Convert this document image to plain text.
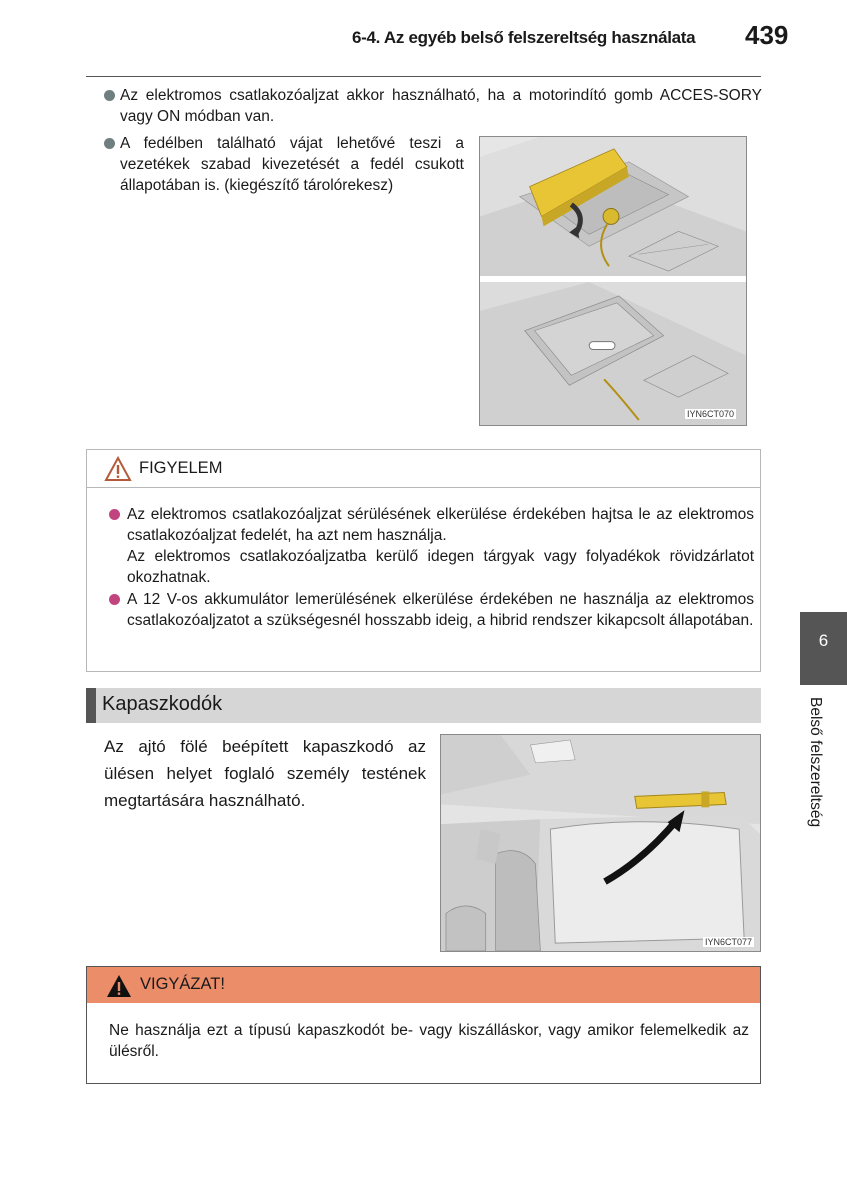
6-4. Az egyéb belső felszereltség használata 439
Az elektromos csatlakozóaljzat akkor használható, ha a motorindító gomb ACCES-SORY vagy ON módban van.
A fedélben található vájat lehetővé teszi a vezetékek szabad kivezetését a fedél csukott állapotában is. (kiegészítő tárolórekesz)
IYN6CT070
FIGYELEM
Az elektromos csatlakozóaljzat sérülésének elkerülése érdekében hajtsa le az elektromos csatlakozóaljzat fedelét, ha azt nem használja.
Az elektromos csatlakozóaljzatba kerülő idegen tárgyak vagy folyadékok rövidzárlatot okozhatnak.
A 12 V-os akkumulátor lemerülésének elkerülése érdekében ne használja az elektromos csatlakozóaljzatot a szükségesnél hosszabb ideig, a hibrid rendszer kikapcsolt állapotában.
Kapaszkodók
Az ajtó fölé beépített kapaszkodó az ülésen helyet foglaló személy testének megtartására használható.
IYN6CT077
VIGYÁZAT!
Ne használja ezt a típusú kapaszkodót be- vagy kiszálláskor, vagy amikor felemelkedik az ülésről.
6
Belső felszereltség
